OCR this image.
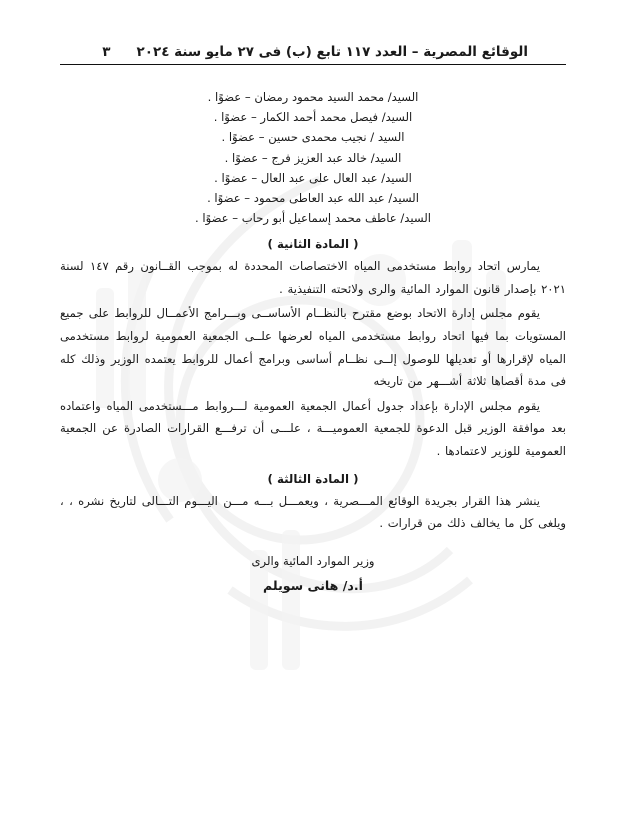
الوقائع المصرية – العدد ١١٧ تابع (ب) فى ٢٧ مايو سنة ٢٠٢٤
٣
السيد/ محمد السيد محمود رمضان – عضوًا .
السيد/ فيصل محمد أحمد الكمار – عضوًا .
السيد / نجيب محمدى حسين – عضوًا .
السيد/ خالد عبد العزيز فرج – عضوًا .
السيد/ عبد العال على عبد العال – عضوًا .
السيد/ عبد الله عبد العاطى محمود – عضوًا .
السيد/ عاطف محمد إسماعيل أبو رحاب – عضوًا .
( المادة الثانية )

يمارس اتحاد روابط مستخدمى المياه الاختصاصات المحددة له بموجب القــانون رقم ١٤٧ لسنة ٢٠٢١ بإصدار قانون الموارد المائية والرى ولائحته التنفيذية .

يقوم مجلس إدارة الاتحاد بوضع مقترح بالنظــام الأساســى وبـــرامج الأعمــال للروابط على جميع المستويات بما فيها اتحاد روابط مستخدمى المياه لعرضها علــى الجمعية العمومية لروابط مستخدمى المياه لإقرارها أو تعديلها للوصول إلــى نظــام أساسى وبرامج أعمال للروابط يعتمده الوزير وذلك كله فى مدة أقصاها ثلاثة أشـــهر من تاريخه

يقوم مجلس الإدارة بإعداد جدول أعمال الجمعية العمومية لـــروابط مـــستخدمى المياه واعتماده بعد موافقة الوزير قبل الدعوة للجمعية العموميـــة ، علـــى أن ترفـــع القرارات الصادرة عن الجمعية العمومية للوزير لاعتمادها .

( المادة الثالثة )

ينشر هذا القرار بجريدة الوقائع المـــصرية ، ويعمـــل بـــه مـــن اليـــوم التـــالى لتاريخ نشره ، ، ويلغى كل ما يخالف ذلك من قرارات .

وزير الموارد المائية والرى
أ.د/ هانى سويلم
